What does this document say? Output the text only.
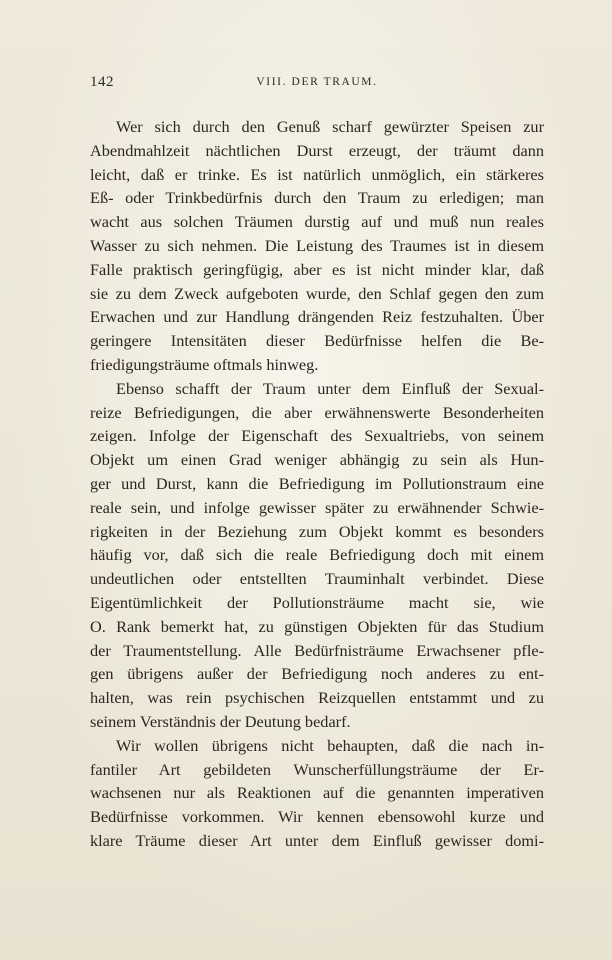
142	VIII. DER TRAUM.
Wer sich durch den Genuß scharf gewürzter Speisen zur
Abendmahlzeit nächtlichen Durst erzeugt, der träumt dann
leicht, daß er trinke. Es ist natürlich unmöglich, ein stärkeres
Eß- oder Trinkbedürfnis durch den Traum zu erledigen; man
wacht aus solchen Träumen durstig auf und muß nun reales
Wasser zu sich nehmen. Die Leistung des Traumes ist in diesem
Falle praktisch geringfügig, aber es ist nicht minder klar, daß
sie zu dem Zweck aufgeboten wurde, den Schlaf gegen den zum
Erwachen und zur Handlung drängenden Reiz festzuhalten. Über
geringere Intensitäten dieser Bedürfnisse helfen die Be-
friedigungsträume oftmals hinweg.
Ebenso schafft der Traum unter dem Einfluß der Sexual-
reize Befriedigungen, die aber erwähnenswerte Besonderheiten
zeigen. Infolge der Eigenschaft des Sexualtriebs, von seinem
Objekt um einen Grad weniger abhängig zu sein als Hun-
ger und Durst, kann die Befriedigung im Pollutionstraum eine
reale sein, und infolge gewisser später zu erwähnender Schwie-
rigkeiten in der Beziehung zum Objekt kommt es besonders
häufig vor, daß sich die reale Befriedigung doch mit einem
undeutlichen oder entstellten Trauminhalt verbindet. Diese
Eigentümlichkeit der Pollutionsträume macht sie, wie
O. Rank bemerkt hat, zu günstigen Objekten für das Studium
der Traumentstellung. Alle Bedürfnisträume Erwachsener pfle-
gen übrigens außer der Befriedigung noch anderes zu ent-
halten, was rein psychischen Reizquellen entstammt und zu
seinem Verständnis der Deutung bedarf.
Wir wollen übrigens nicht behaupten, daß die nach in-
fantiler Art gebildeten Wunscherfüllungsträume der Er-
wachsenen nur als Reaktionen auf die genannten imperativen
Bedürfnisse vorkommen. Wir kennen ebensowohl kurze und
klare Träume dieser Art unter dem Einfluß gewisser domi-
